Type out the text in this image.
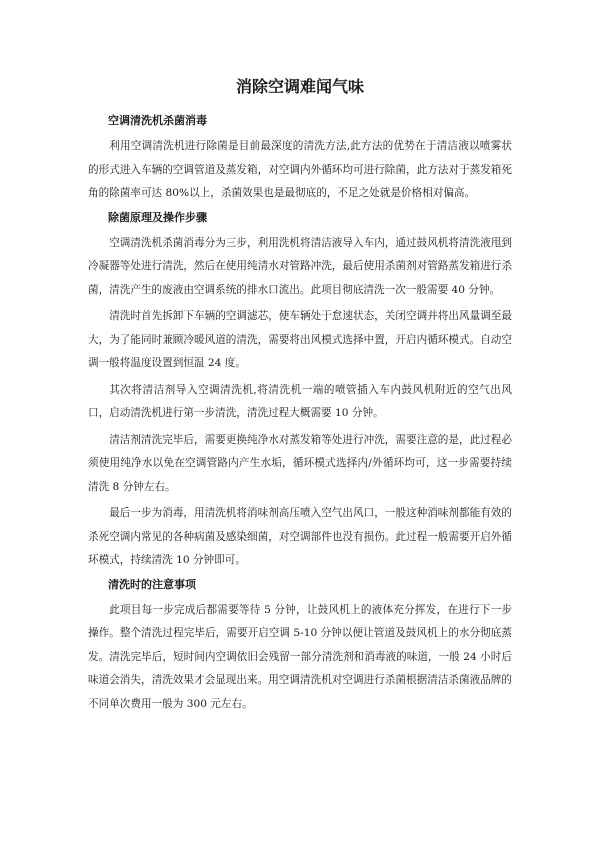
消除空调难闻气味
空调清洗机杀菌消毒

利用空调清洗机进行除菌是目前最深度的清洗方法,此方法的优势在于清洁液以喷雾状的形式进入车辆的空调管道及蒸发箱，对空调内外循环均可进行除菌，此方法对于蒸发箱死角的除菌率可达 80%以上，杀菌效果也是最彻底的，不足之处就是价格相对偏高。

除菌原理及操作步骤

空调清洗机杀菌消毒分为三步，利用洗机将清洁液导入车内，通过鼓风机将清洗液甩到冷凝器等处进行清洗，然后在使用纯清水对管路冲洗，最后使用杀菌剂对管路蒸发箱进行杀菌，清洗产生的废液由空调系统的排水口流出。此项目彻底清洗一次一般需要 40 分钟。

清洗时首先拆卸下车辆的空调滤芯，使车辆处于怠速状态，关闭空调并将出风量调至最大，为了能同时兼顾冷暖风道的清洗，需要将出风模式选择中置，开启内循环模式。自动空调一般将温度设置到恒温 24 度。

其次将清洁剂导入空调清洗机,将清洗机一端的喷管插入车内鼓风机附近的空气出风口，启动清洗机进行第一步清洗，清洗过程大概需要 10 分钟。

清洁剂清洗完毕后，需要更换纯净水对蒸发箱等处进行冲洗，需要注意的是，此过程必须使用纯净水以免在空调管路内产生水垢，循环模式选择内/外循环均可，这一步需要持续清洗 8 分钟左右。

最后一步为消毒，用清洗机将消味剂高压喷入空气出风口，一般这种消味剂都能有效的杀死空调内常见的各种病菌及感染细菌，对空调部件也没有损伤。此过程一般需要开启外循环模式，持续清洗 10 分钟即可。

清洗时的注意事项

此项目每一步完成后都需要等待 5 分钟，让鼓风机上的液体充分挥发，在进行下一步操作。整个清洗过程完毕后，需要开启空调 5-10 分钟以便让管道及鼓风机上的水分彻底蒸发。清洗完毕后，短时间内空调依旧会残留一部分清洗剂和消毒液的味道，一般 24 小时后味道会消失，清洗效果才会显现出来。用空调清洗机对空调进行杀菌根据清洁杀菌液品牌的不同单次费用一般为 300 元左右。
